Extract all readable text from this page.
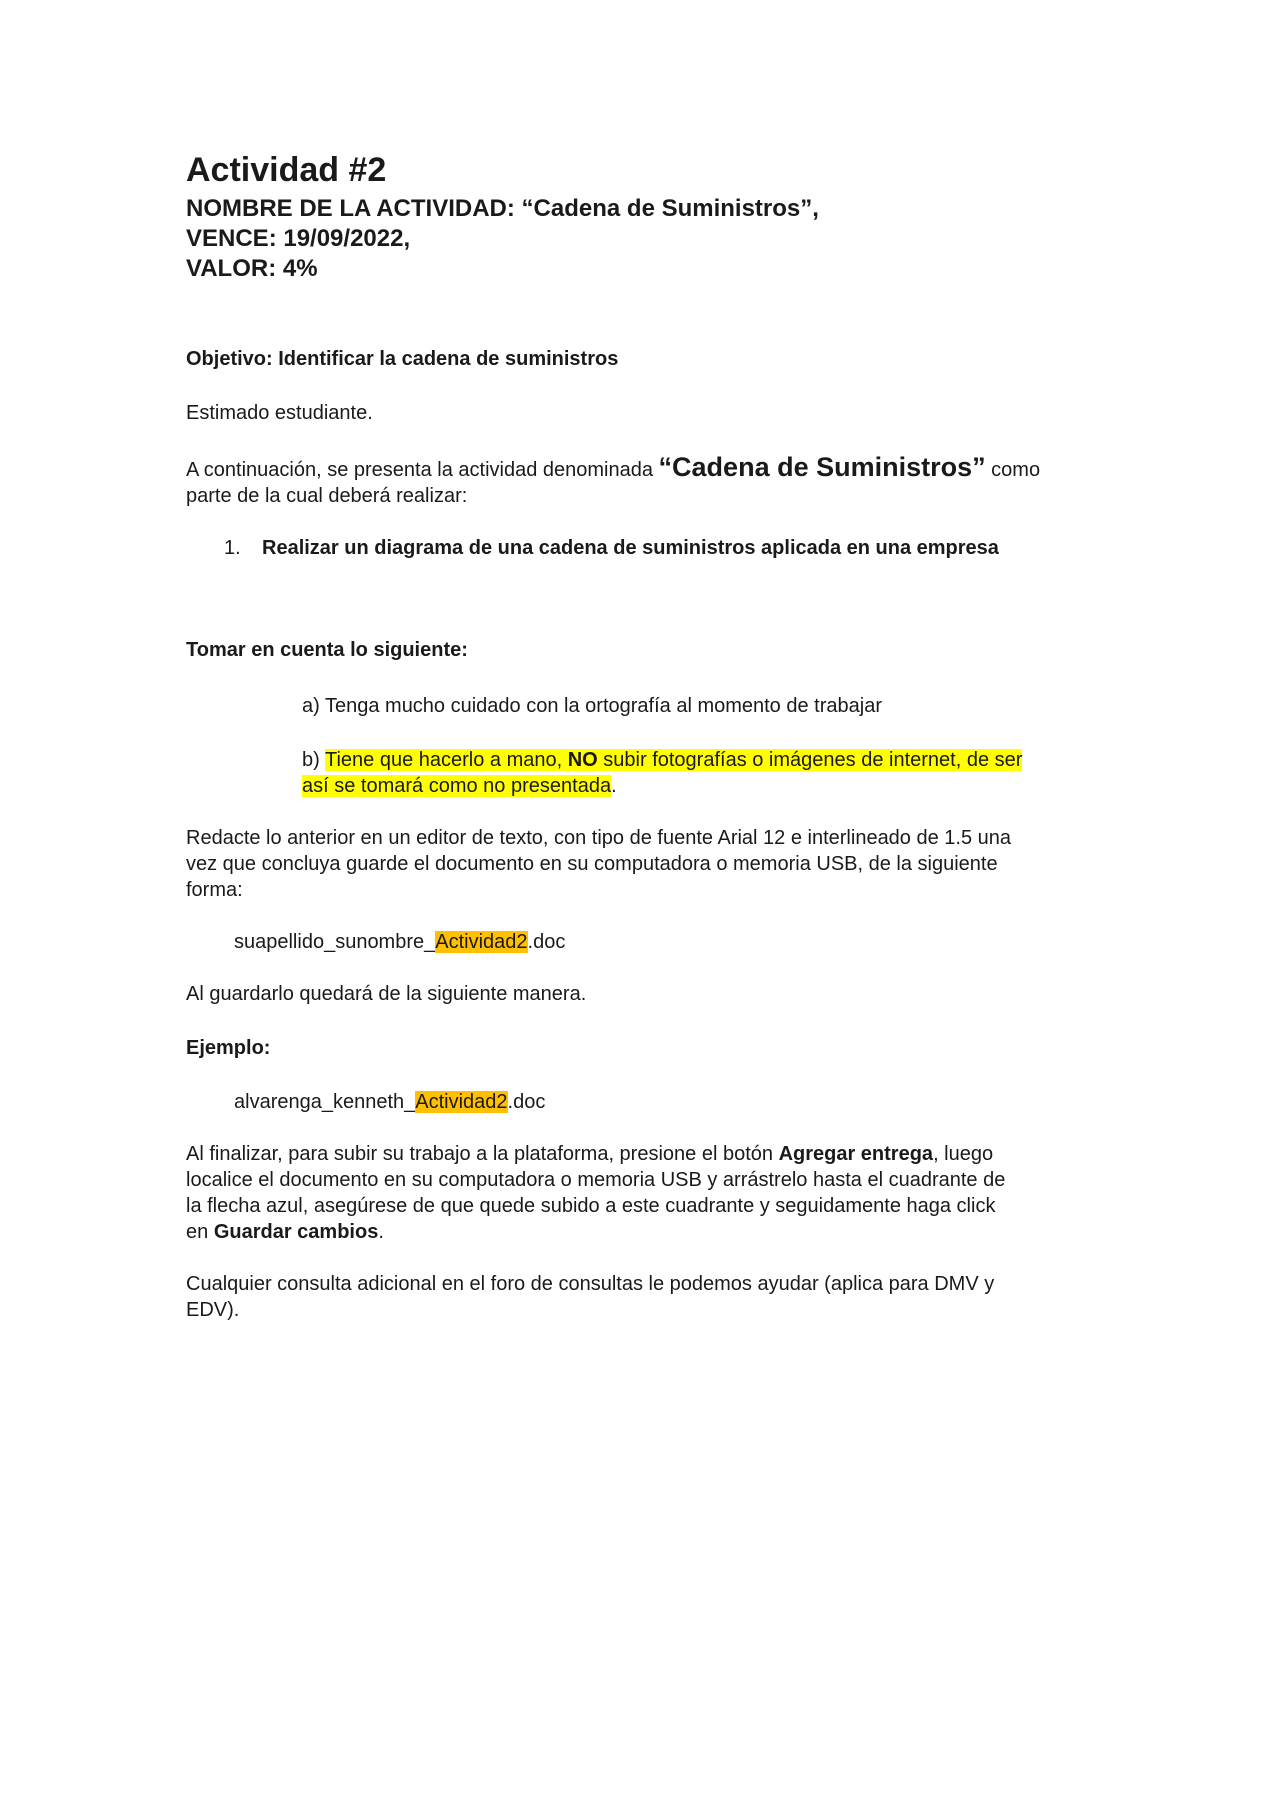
Actividad #2

NOMBRE DE LA ACTIVIDAD: “Cadena de Suministros”,

VENCE: 19/09/2022,

VALOR: 4%

Objetivo: Identificar la cadena de suministros

Estimado estudiante.

A continuación, se presenta la actividad denominada “Cadena de Suministros” como

parte de la cual deberá realizar:

1.	Realizar un diagrama de una cadena de suministros aplicada en una empresa

Tomar en cuenta lo siguiente:

a) Tenga mucho cuidado con la ortografía al momento de trabajar

b) Tiene que hacerlo a mano, NO subir fotografías o imágenes de internet, de ser

así se tomará como no presentada.

Redacte lo anterior en un editor de texto, con tipo de fuente Arial 12 e interlineado de 1.5 una

vez que concluya guarde el documento en su computadora o memoria USB, de la siguiente

forma:

suapellido_sunombre_Actividad2.doc

Al guardarlo quedará de la siguiente manera.

Ejemplo:

alvarenga_kenneth_Actividad2.doc

Al finalizar, para subir su trabajo a la plataforma, presione el botón Agregar entrega, luego

localice el documento en su computadora o memoria USB y arrástrelo hasta el cuadrante de

la flecha azul, asegúrese de que quede subido a este cuadrante y seguidamente haga click

en Guardar cambios.

Cualquier consulta adicional en el foro de consultas le podemos ayudar (aplica para DMV y

EDV).
